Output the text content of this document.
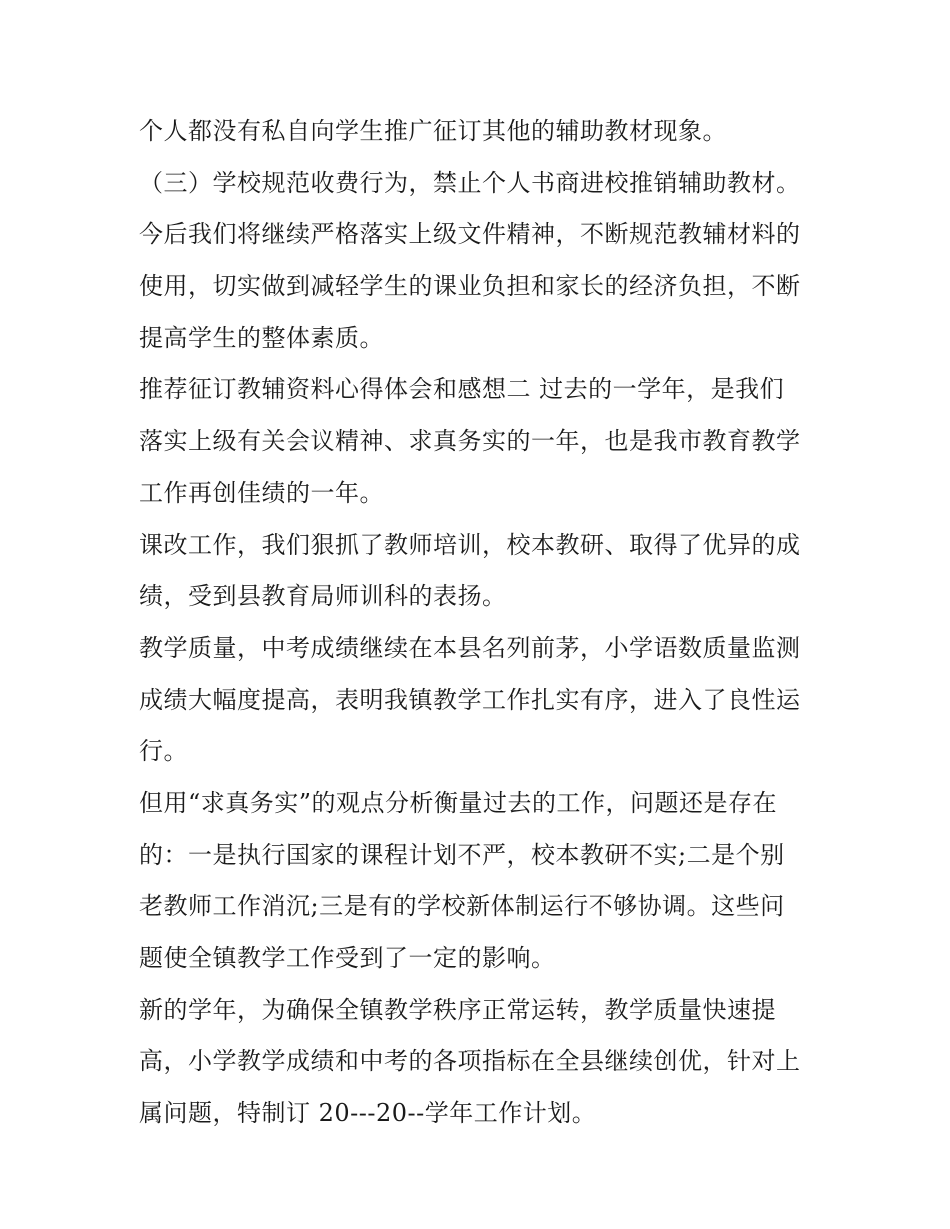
个人都没有私自向学生推广征订其他的辅助教材现象。
（三）学校规范收费行为，禁止个人书商进校推销辅助教材。
今后我们将继续严格落实上级文件精神，不断规范教辅材料的
使用，切实做到减轻学生的课业负担和家长的经济负担，不断
提高学生的整体素质。
推荐征订教辅资料心得体会和感想二 过去的一学年，是我们
落实上级有关会议精神、求真务实的一年，也是我市教育教学
工作再创佳绩的一年。
课改工作，我们狠抓了教师培训，校本教研、取得了优异的成
绩，受到县教育局师训科的表扬。
教学质量，中考成绩继续在本县名列前茅，小学语数质量监测
成绩大幅度提高，表明我镇教学工作扎实有序，进入了良性运
行。
但用“求真务实”的观点分析衡量过去的工作，问题还是存在
的：一是执行国家的课程计划不严，校本教研不实;二是个别
老教师工作消沉;三是有的学校新体制运行不够协调。这些问
题使全镇教学工作受到了一定的影响。
新的学年，为确保全镇教学秩序正常运转，教学质量快速提
高，小学教学成绩和中考的各项指标在全县继续创优，针对上
属问题，特制订 20---20--学年工作计划。
